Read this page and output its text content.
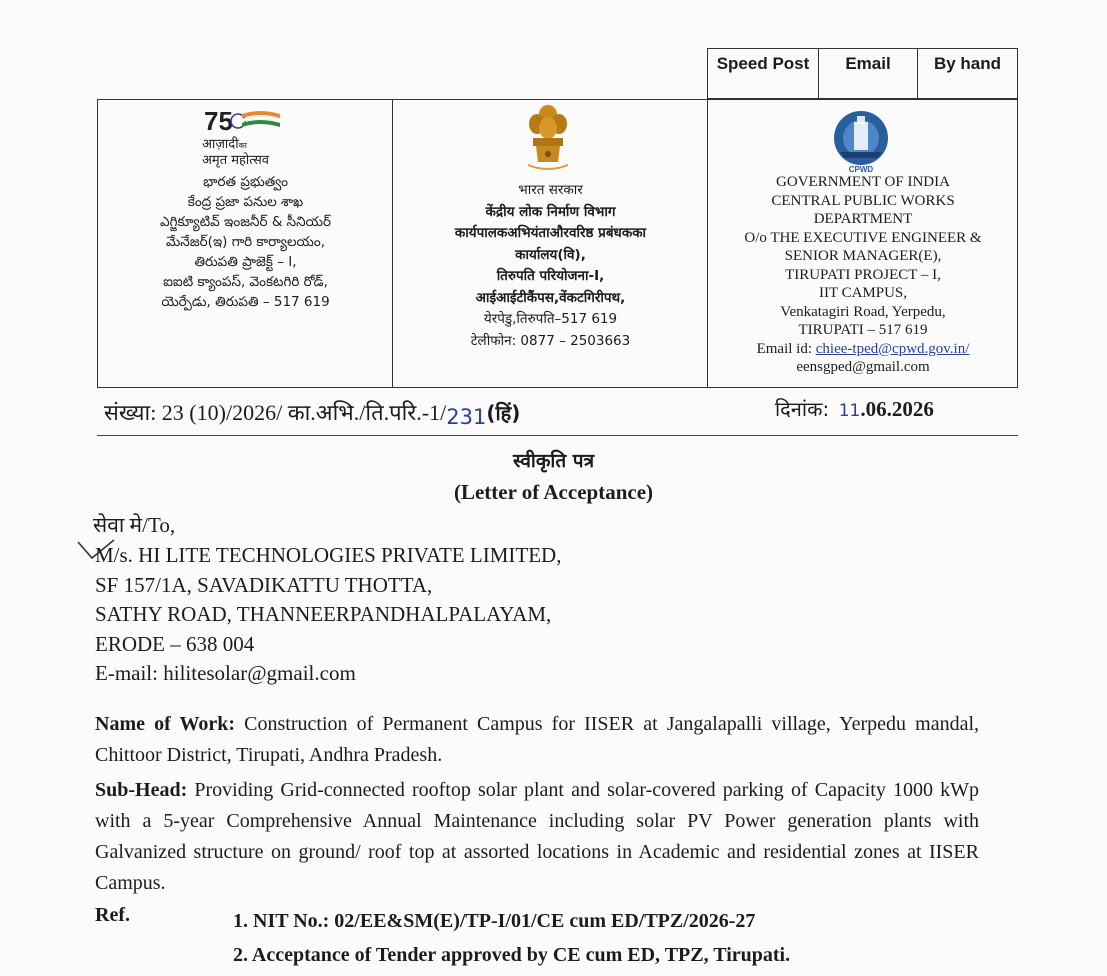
Speed Post	Email	By hand
75
आज़ादीका
अमृत महोत्सव
భారత ప్రభుత్వం
కేంద్ర ప్రజా పనుల శాఖ
ఎగ్జిక్యూటివ్ ఇంజనీర్ & సీనియర్
మేనేజర్(ఇ) గారి కార్యాలయం,
తిరుపతి ప్రాజెక్ట్ – I,
ఐఐటి క్యాంపస్, వెంకటగిరి రోడ్,
యెర్పేడు, తిరుపతి – 517 619
भारत सरकार
केंद्रीय लोक निर्माण विभाग
कार्यपालकअभियंताऔरवरिष्ठ प्रबंधकका
कार्यालय(वि),
तिरुपति परियोजना-I,
आईआईटीकैंपस,वेंकटगिरीपथ,
येरपेडु,तिरुपति–517 619
टेलीफोन: 0877 – 2503663
CPWD
GOVERNMENT OF INDIA
CENTRAL PUBLIC WORKS
DEPARTMENT
O/o THE EXECUTIVE ENGINEER &
SENIOR MANAGER(E),
TIRUPATI PROJECT – I,
IIT CAMPUS,
Venkatagiri Road, Yerpedu,
TIRUPATI – 517 619
Email id: chiee-tped@cpwd.gov.in/
eensgped@gmail.com
संख्या: 23 (10)/2026/ का.अभि./ति.परि.-1/231(हिं)	दिनांक: 11.06.2026
स्वीकृति पत्र
(Letter of Acceptance)
सेवा मे/To,
M/s. HI LITE TECHNOLOGIES PRIVATE LIMITED,
SF 157/1A, SAVADIKATTU THOTTA,
SATHY ROAD, THANNEERPANDHALPALAYAM,
ERODE – 638 004
E-mail: hilitesolar@gmail.com
Name of Work: Construction of Permanent Campus for IISER at Jangalapalli village, Yerpedu mandal, Chittoor District, Tirupati, Andhra Pradesh.
Sub-Head: Providing Grid-connected rooftop solar plant and solar-covered parking of Capacity 1000 kWp with a 5-year Comprehensive Annual Maintenance including solar PV Power generation plants with Galvanized structure on ground/ roof top at assorted locations in Academic and residential zones at IISER Campus.
Ref.	1. NIT No.: 02/EE&SM(E)/TP-I/01/CE cum ED/TPZ/2026-27
2. Acceptance of Tender approved by CE cum ED, TPZ, Tirupati.
